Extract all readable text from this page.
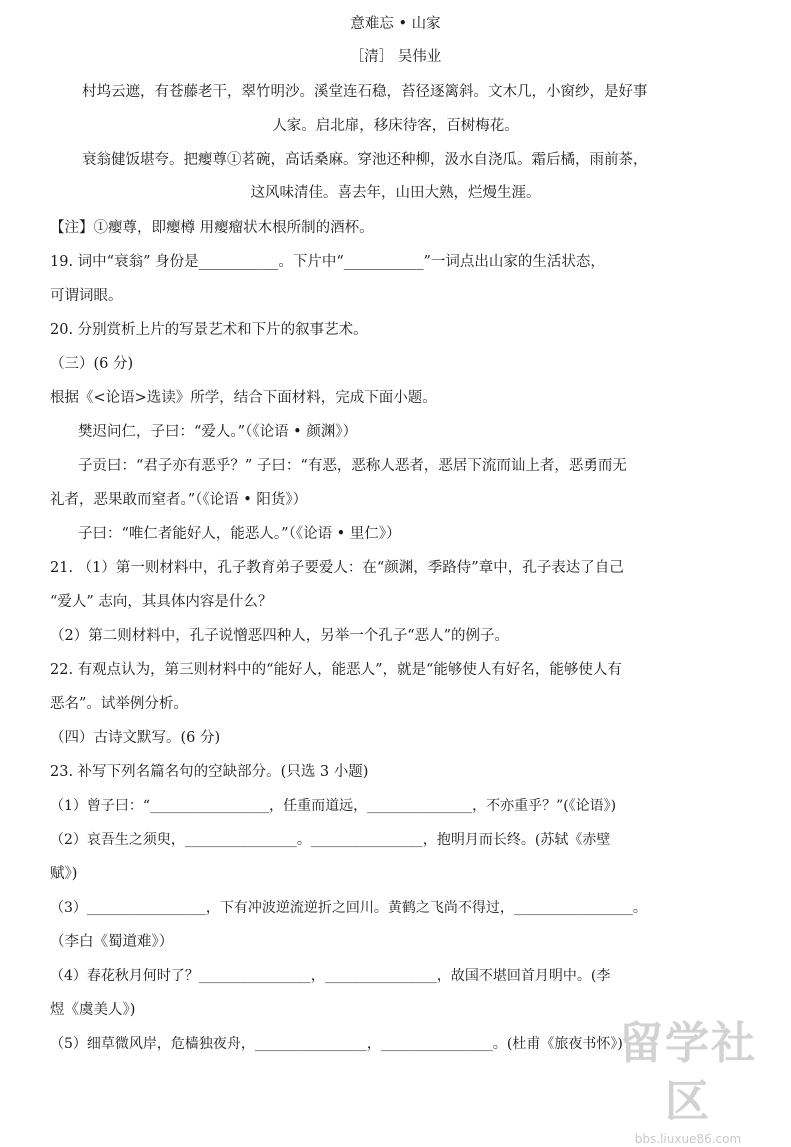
意难忘 • 山家
［清］ 吴伟业
村坞云遮，有苍藤老干，翠竹明沙。溪堂连石稳，苔径逐篱斜。文木几，小窗纱，是好事
人家。启北扉，移床待客，百树梅花。
衰翁健饭堪夸。把瘿尊①茗碗，高话桑麻。穿池还种柳，汲水自浇瓜。霜后橘，雨前茶，
这风味清佳。喜去年，山田大熟，烂熳生涯。
【注】①瘿尊，即瘿樽 用瘿瘤状木根所制的酒杯。
19. 词中“衰翁” 身份是___________。下片中“___________”一词点出山家的生活状态，
可谓词眼。
20. 分别赏析上片的写景艺术和下片的叙事艺术。
（三）(6 分)
根据《<论语>选读》所学，结合下面材料，完成下面小题。
樊迟问仁，子曰：“爱人。”（《论语 • 颜渊》）
子贡曰：“君子亦有恶乎？” 子曰：“有恶，恶称人恶者，恶居下流而讪上者，恶勇而无
礼者，恶果敢而窒者。”（《论语 • 阳货》）
子曰：“唯仁者能好人，能恶人。”（《论语 • 里仁》）
21. （1）第一则材料中，孔子教育弟子要爱人：在“颜渊，季路侍”章中，孔子表达了自己
“爱人” 志向，其具体内容是什么？
（2）第二则材料中，孔子说憎恶四种人，另举一个孔子“恶人”的例子。
22. 有观点认为，第三则材料中的“能好人，能恶人”，就是“能够使人有好名，能够使人有
恶名”。试举例分析。
（四）古诗文默写。(6 分)
23. 补写下列名篇名句的空缺部分。(只选 3 小题)
（1）曾子曰：“_________________，任重而道远，_______________，不亦重乎？”(《论语》)
（2）哀吾生之须臾，________________。________________，抱明月而长终。(苏轼《赤壁
赋》)
（3）_________________，下有冲波逆流逆折之回川。黄鹤之飞尚不得过，_________________。
（李白《蜀道难》）
（4）春花秋月何时了？________________，________________，故国不堪回首月明中。(李
煜《虞美人》)
（5）细草微风岸，危樯独夜舟，________________，________________。(杜甫《旅夜书怀》)
留学社区
bbs.liuxue86.com
